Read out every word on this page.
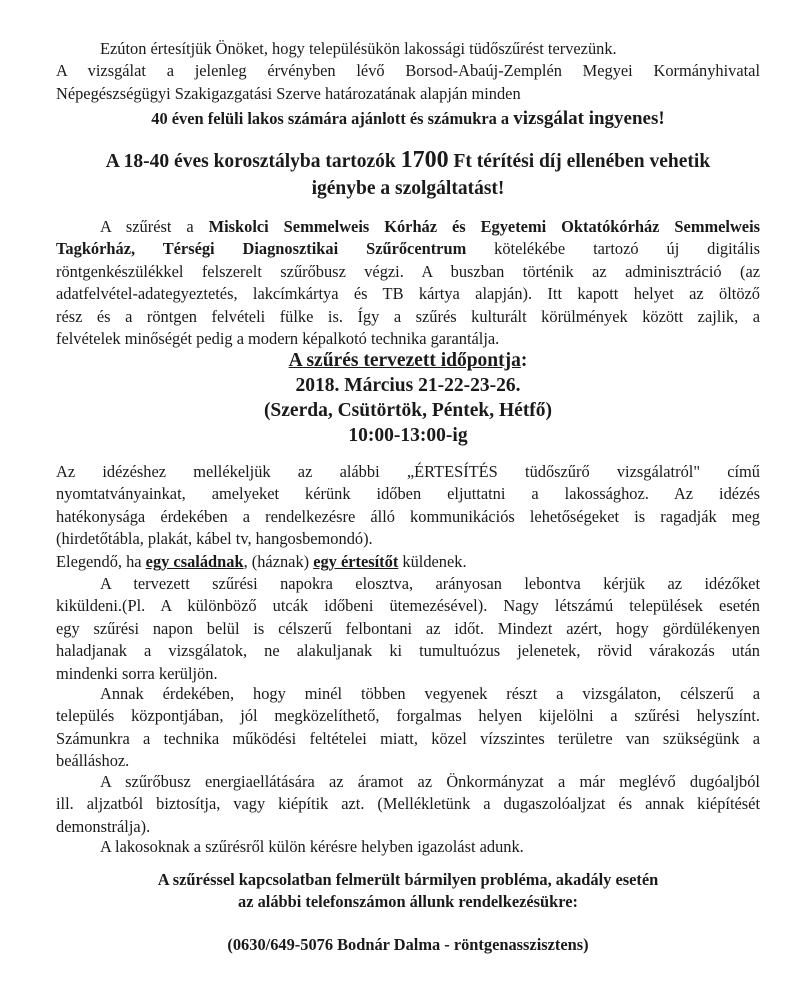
Ezúton értesítjük Önöket, hogy településükön lakossági tüdőszűrést tervezünk.
A vizsgálat a jelenleg érvényben lévő Borsod-Abaúj-Zemplén Megyei Kormányhivatal
Népegészségügyi Szakigazgatási Szerve határozatának alapján minden
40 éven felüli lakos számára ajánlott és számukra a vizsgálat ingyenes!
A 18-40 éves korosztályba tartozók 1700 Ft térítési díj ellenében vehetik
igénybe a szolgáltatást!
A szűrést a Miskolci Semmelweis Kórház és Egyetemi Oktatókórház Semmelweis
Tagkórház, Térségi Diagnosztikai Szűrőcentrum kötelékébe tartozó új digitális
röntgenkészülékkel felszerelt szűrőbusz végzi. A buszban történik az adminisztráció (az
adatfelvétel-adategyeztetés, lakcímkártya és TB kártya alapján). Itt kapott helyet az öltöző
rész és a röntgen felvételi fülke is. Így a szűrés kulturált körülmények között zajlik, a
felvételek minőségét pedig a modern képalkotó technika garantálja.
A szűrés tervezett időpontja:
2018. Március 21-22-23-26.
(Szerda, Csütörtök, Péntek, Hétfő)
10:00-13:00-ig
Az idézéshez mellékeljük az alábbi „ÉRTESÍTÉS tüdőszűrő vizsgálatról" című
nyomtatványainkat, amelyeket kérünk időben eljuttatni a lakossághoz. Az idézés
hatékonysága érdekében a rendelkezésre álló kommunikációs lehetőségeket is ragadják meg
(hirdetőtábla, plakát, kábel tv, hangosbemondó).
Elegendő, ha egy családnak, (háznak) egy értesítőt küldenek.
A tervezett szűrési napokra elosztva, arányosan lebontva kérjük az idézőket
kiküldeni.(Pl. A különböző utcák időbeni ütemezésével). Nagy létszámú települések esetén
egy szűrési napon belül is célszerű felbontani az időt. Mindezt azért, hogy gördülékenyen
haladjanak a vizsgálatok, ne alakuljanak ki tumultuózus jelenetek, rövid várakozás után
mindenki sorra kerüljön.
Annak érdekében, hogy minél többen vegyenek részt a vizsgálaton, célszerű a
település központjában, jól megközelíthető, forgalmas helyen kijelölni a szűrési helyszínt.
Számunkra a technika működési feltételei miatt, közel vízszintes területre van szükségünk a
beálláshoz.
A szűrőbusz energiaellátására az áramot az Önkormányzat a már meglévő dugóaljból
ill. aljzatból biztosítja, vagy kiépítik azt. (Mellékletünk a dugaszolóaljzat és annak kiépítését
demonstrálja).
A lakosoknak a szűrésről külön kérésre helyben igazolást adunk.
A szűréssel kapcsolatban felmerült bármilyen probléma, akadály esetén
az alábbi telefonszámon állunk rendelkezésükre:
(0630/649-5076 Bodnár Dalma - röntgenasszisztens)
